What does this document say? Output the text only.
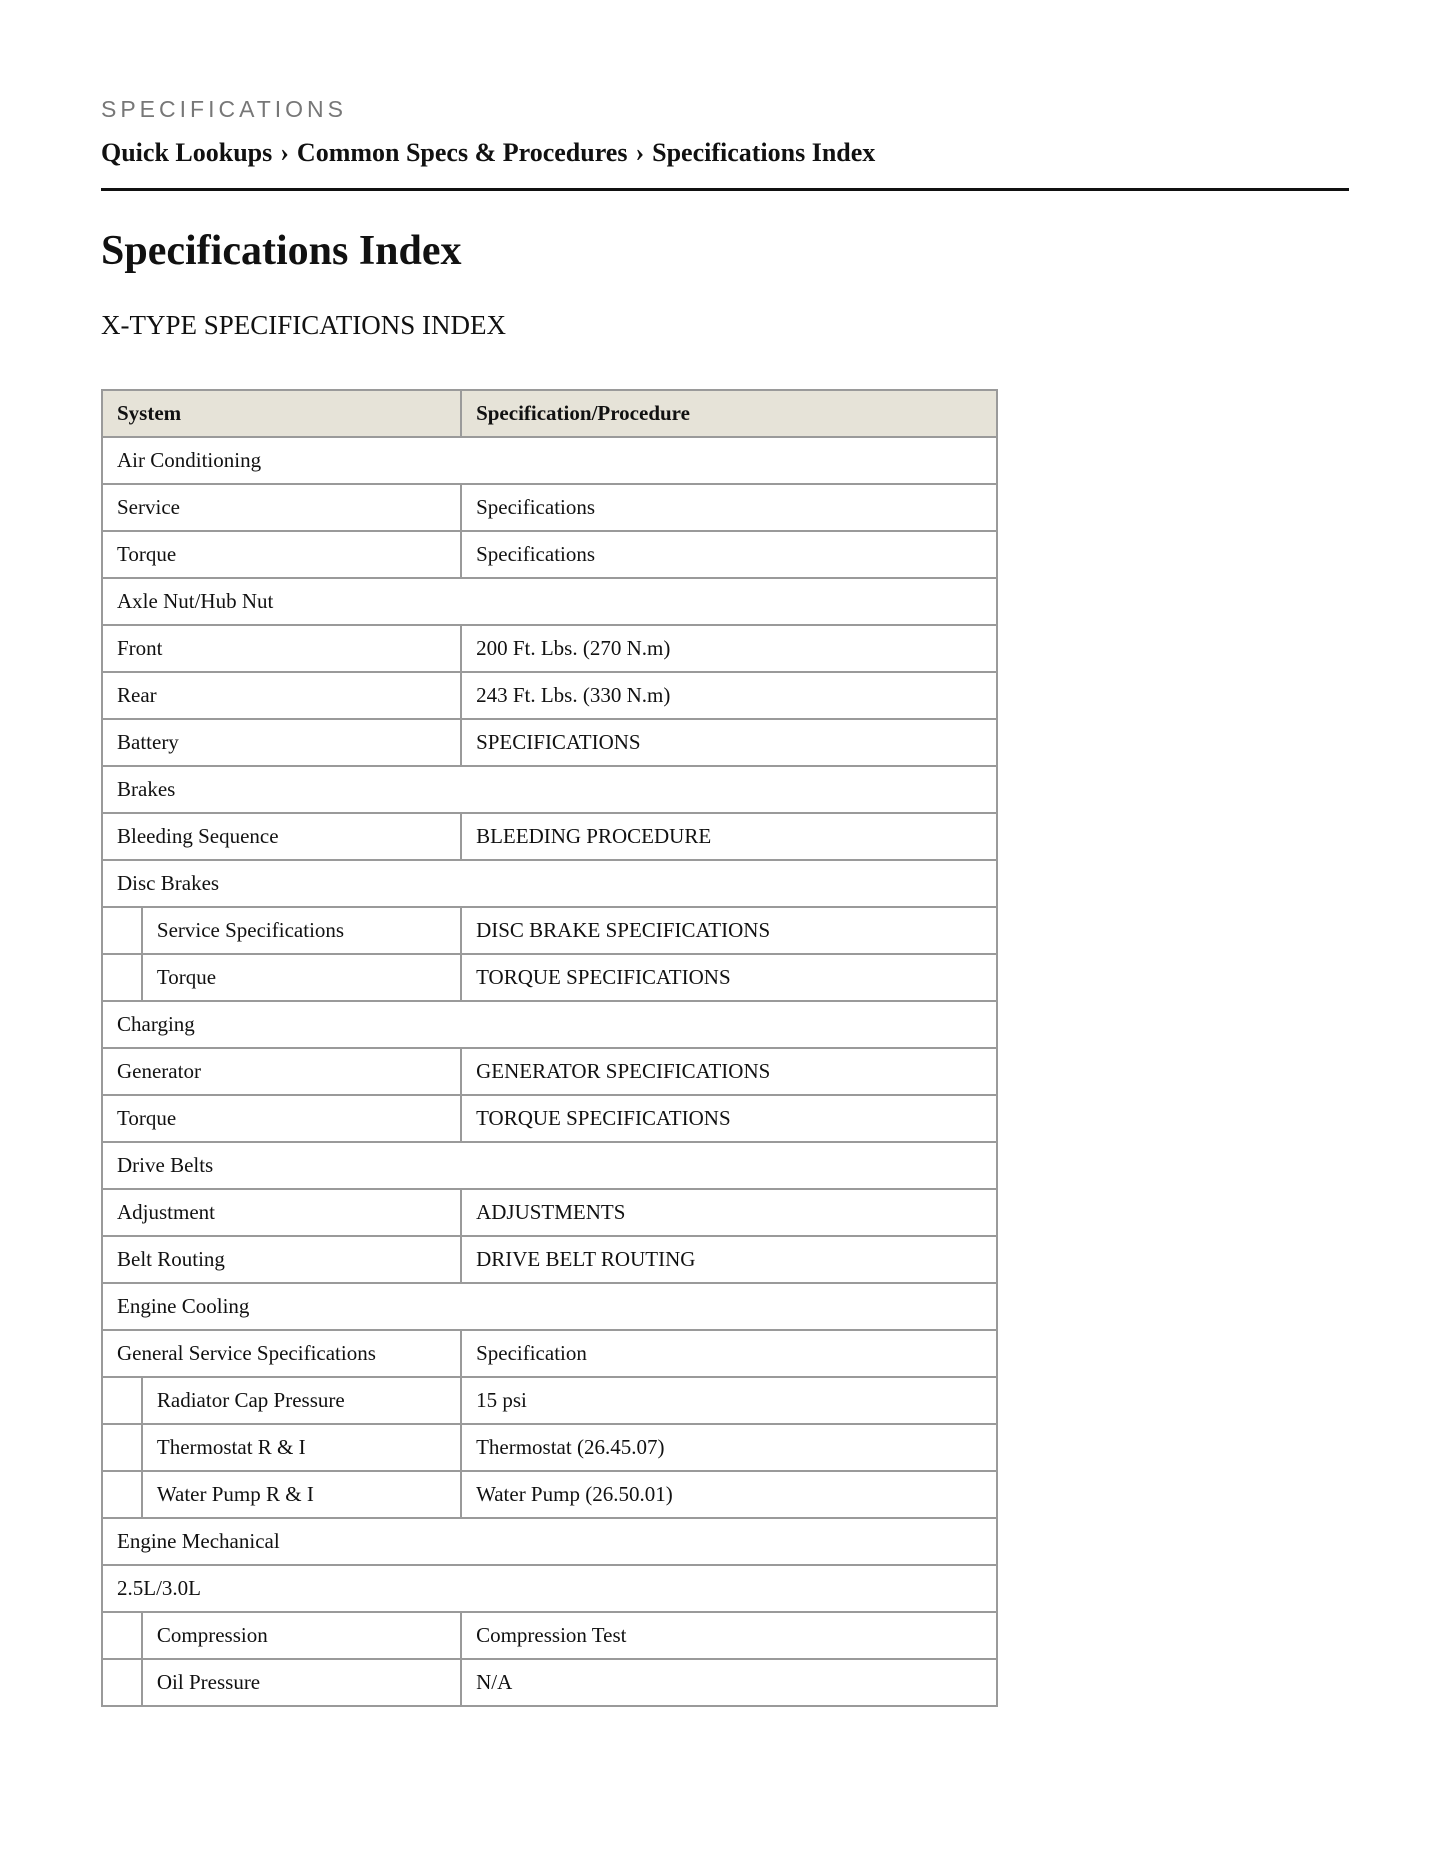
SPECIFICATIONS
Quick Lookups › Common Specs & Procedures › Specifications Index
Specifications Index
X-TYPE SPECIFICATIONS INDEX
System		Specification/Procedure
Air Conditioning		
Service		Specifications
Torque		Specifications
Axle Nut/Hub Nut		
Front		200 Ft. Lbs. (270 N.m)
Rear		243 Ft. Lbs. (330 N.m)
Battery		SPECIFICATIONS
Brakes		
Bleeding Sequence		BLEEDING PROCEDURE
Disc Brakes		
	Service Specifications	DISC BRAKE SPECIFICATIONS
	Torque	TORQUE SPECIFICATIONS
Charging		
Generator		GENERATOR SPECIFICATIONS
Torque		TORQUE SPECIFICATIONS
Drive Belts		
Adjustment		ADJUSTMENTS
Belt Routing		DRIVE BELT ROUTING
Engine Cooling		
General Service Specifications		Specification
	Radiator Cap Pressure	15 psi
	Thermostat R & I	Thermostat (26.45.07)
	Water Pump R & I	Water Pump (26.50.01)
Engine Mechanical		
2.5L/3.0L		
	Compression	Compression Test
	Oil Pressure	N/A
